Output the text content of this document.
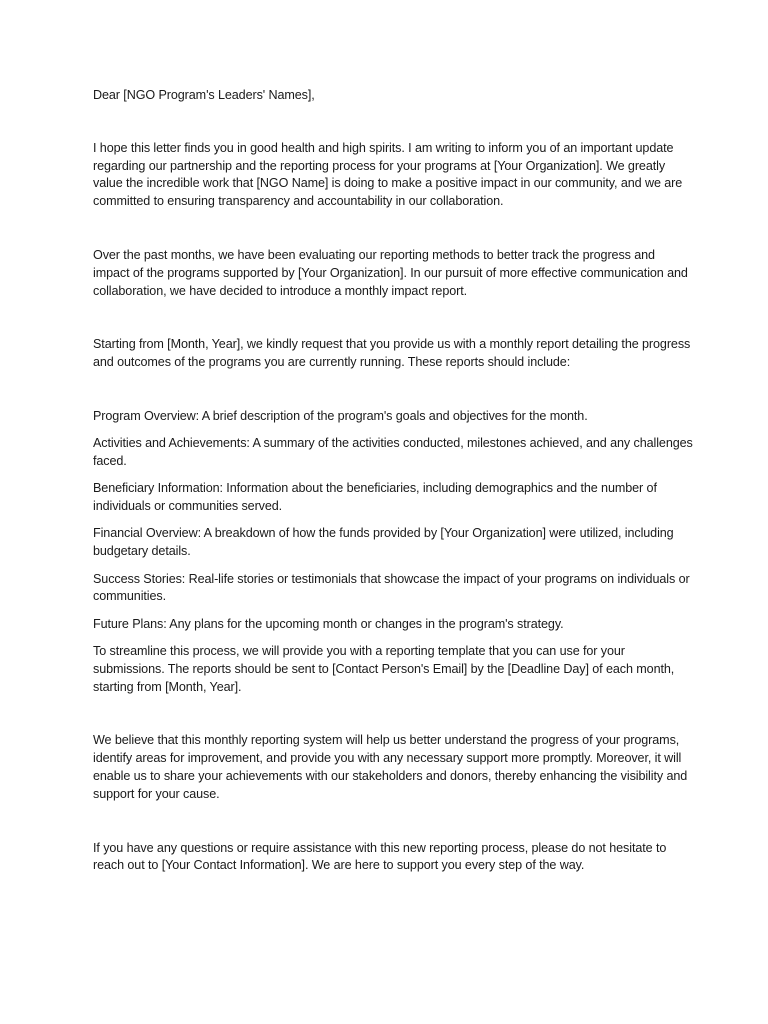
Dear [NGO Program's Leaders' Names],

I hope this letter finds you in good health and high spirits. I am writing to inform you of an important update regarding our partnership and the reporting process for your programs at [Your Organization]. We greatly value the incredible work that [NGO Name] is doing to make a positive impact in our community, and we are committed to ensuring transparency and accountability in our collaboration.

Over the past months, we have been evaluating our reporting methods to better track the progress and impact of the programs supported by [Your Organization]. In our pursuit of more effective communication and collaboration, we have decided to introduce a monthly impact report.

Starting from [Month, Year], we kindly request that you provide us with a monthly report detailing the progress and outcomes of the programs you are currently running. These reports should include:

Program Overview: A brief description of the program's goals and objectives for the month.

Activities and Achievements: A summary of the activities conducted, milestones achieved, and any challenges faced.

Beneficiary Information: Information about the beneficiaries, including demographics and the number of individuals or communities served.

Financial Overview: A breakdown of how the funds provided by [Your Organization] were utilized, including budgetary details.

Success Stories: Real-life stories or testimonials that showcase the impact of your programs on individuals or communities.

Future Plans: Any plans for the upcoming month or changes in the program's strategy.

To streamline this process, we will provide you with a reporting template that you can use for your submissions. The reports should be sent to [Contact Person's Email] by the [Deadline Day] of each month, starting from [Month, Year].

We believe that this monthly reporting system will help us better understand the progress of your programs, identify areas for improvement, and provide you with any necessary support more promptly. Moreover, it will enable us to share your achievements with our stakeholders and donors, thereby enhancing the visibility and support for your cause.

If you have any questions or require assistance with this new reporting process, please do not hesitate to reach out to [Your Contact Information]. We are here to support you every step of the way.
